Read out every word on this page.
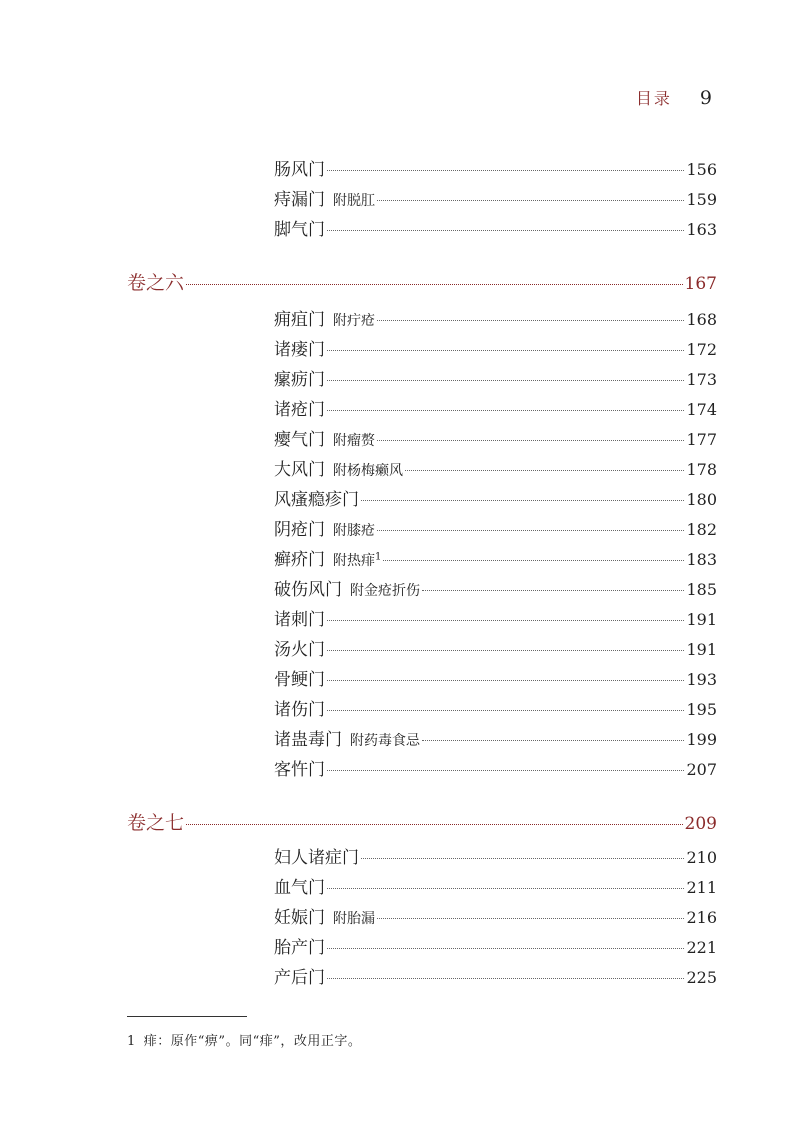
目录 9
肠风门	156
痔漏门 附脱肛	159
脚气门	163
卷之六	167
痈疽门 附疔疮	168
诸瘘门	172
瘰疬门	173
诸疮门	174
瘿气门 附瘤赘	177
大风门 附杨梅癞风	178
风瘙瘾疹门	180
阴疮门 附膝疮	182
癣疥门 附热痱$^1$	183
破伤风门 附金疮折伤	185
诸刺门	191
汤火门	191
骨鲠门	193
诸伤门	195
诸蛊毒门 附药毒食忌	199
客忤门	207
卷之七	209
妇人诸症门	210
血气门	211
妊娠门 附胎漏	216
胎产门	221
产后门	225
1 痱：原作“痹”。同“痱”，改用正字。
